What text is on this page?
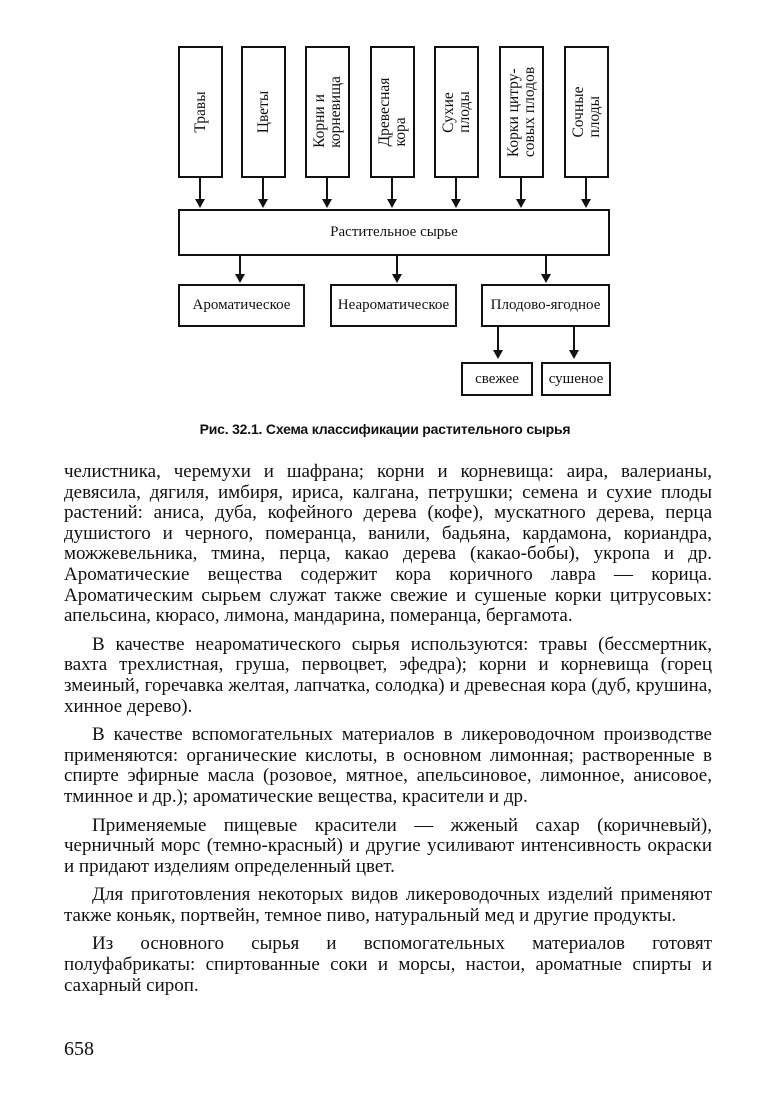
Травы	Цветы	Корни и
корневища Древесная
кора Сухие
плоды
Корки цитру-
совых плодов Сочные
плоды
Растительное сырье
Ароматическое	Неароматическое	Плодово-ягодное
свежее сушеное
Рис. 32.1. Схема классификации растительного сырья

челистника, черемухи и шафрана; корни и корневища: аира, валерианы, девясила, дягиля, имбиря, ириса, калгана, петрушки; семена и сухие плоды растений: аниса, дуба, кофейного дерева (кофе), мускатного дерева, перца душистого и черного, померанца, ванили, бадьяна, кардамона, кориандра, можжевельника, тмина, перца, какао дерева (какао-бобы), укропа и др. Ароматические вещества содержит кора коричного лавра — корица. Ароматическим сырьем служат также свежие и сушеные корки цитрусовых: апельсина, кюрасо, лимона, мандарина, померанца, бергамота.

В качестве неароматического сырья используются: травы (бессмертник, вахта трехлистная, груша, первоцвет, эфедра); корни и корневища (горец змеиный, горечавка желтая, лапчатка, солодка) и древесная кора (дуб, крушина, хинное дерево).

В качестве вспомогательных материалов в ликероводочном производстве применяются: органические кислоты, в основном лимонная; растворенные в спирте эфирные масла (розовое, мятное, апельсиновое, лимонное, анисовое, тминное и др.); ароматические вещества, красители и др.

Применяемые пищевые красители — жженый сахар (коричневый), черничный морс (темно-красный) и другие усиливают интенсивность окраски и придают изделиям определенный цвет.

Для приготовления некоторых видов ликероводочных изделий применяют также коньяк, портвейн, темное пиво, натуральный мед и другие продукты.

Из основного сырья и вспомогательных материалов готовят полуфабрикаты: спиртованные соки и морсы, настои, ароматные спирты и сахарный сироп.

658
